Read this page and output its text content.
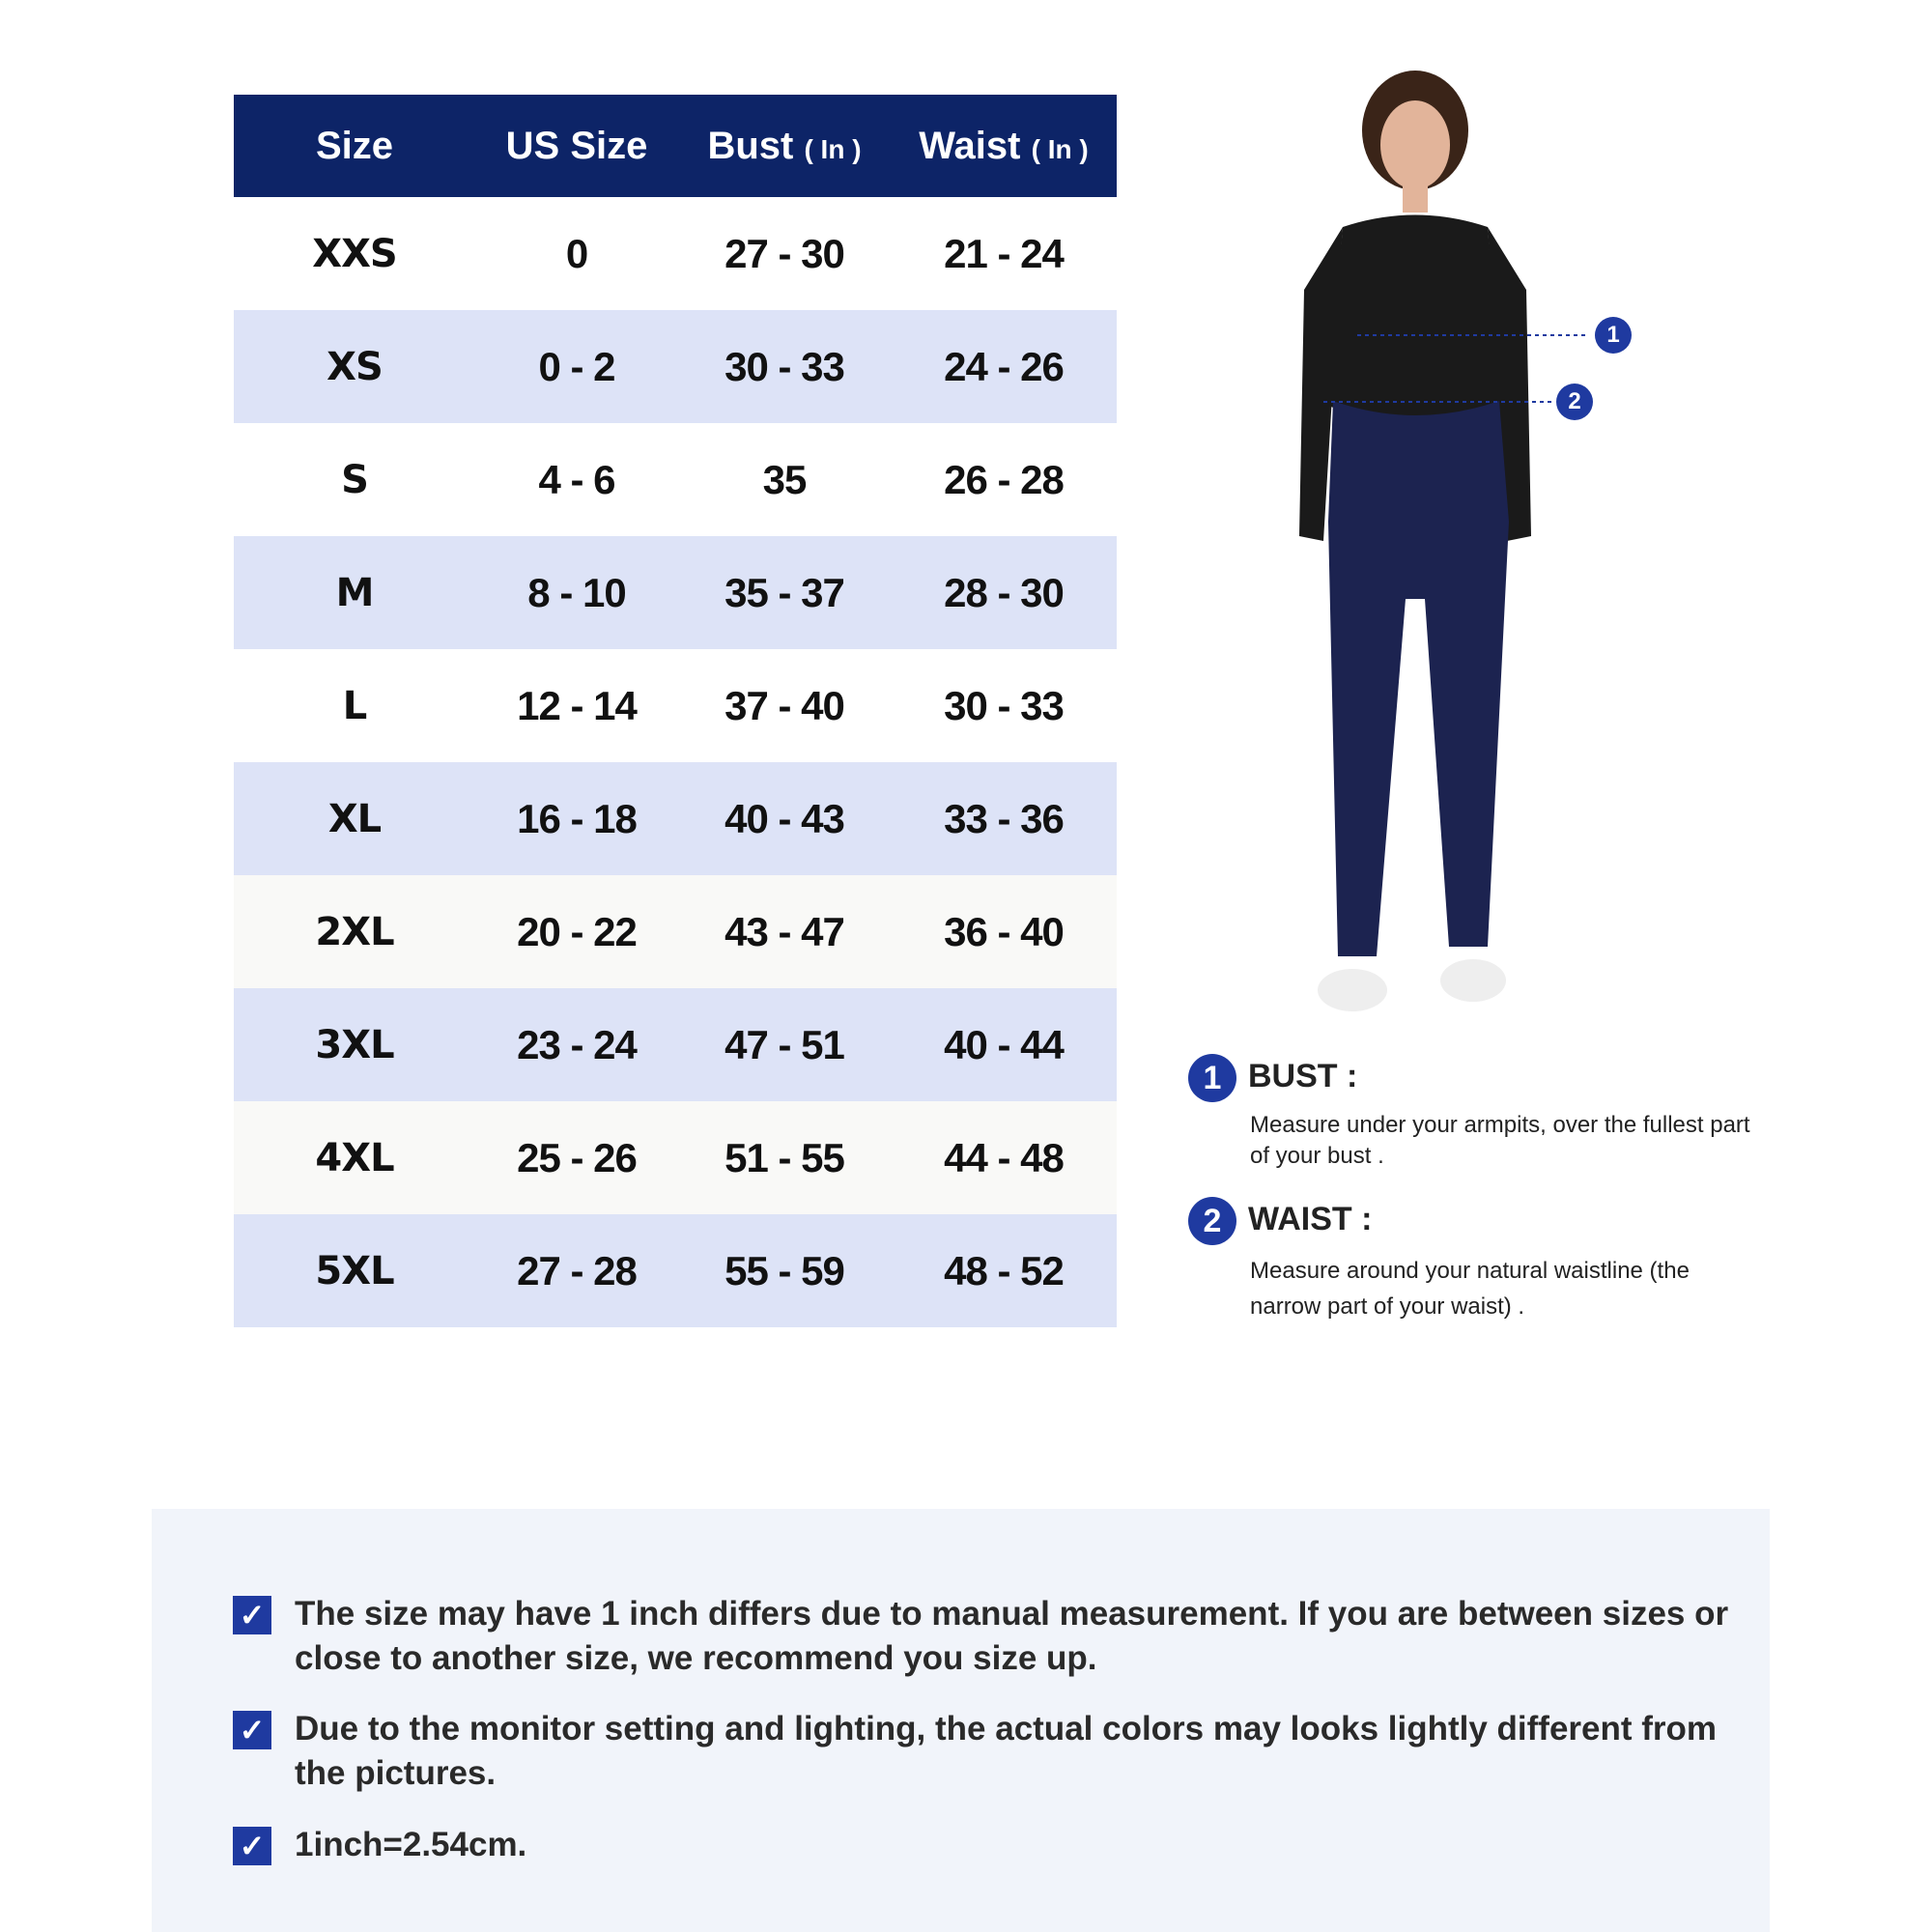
Size	US Size	Bust ( In )	Waist ( In )
XXS	0	27 - 30	21 - 24
XS	0 - 2	30 - 33	24 - 26
S	4 - 6	35	26 - 28
M	8 - 10	35 - 37	28 - 30
L	12 - 14	37 - 40	30 - 33
XL	16 - 18	40 - 43	33 - 36
2XL	20 - 22	43 - 47	36 - 40
3XL	23 - 24	47 - 51	40 - 44
4XL	25 - 26	51 - 55	44 - 48
5XL	27 - 28	55 - 59	48 - 52
1
2
1 BUST :
Measure under your armpits, over the fullest part of your bust .
2 WAIST :
Measure around your natural waistline (the narrow part of your waist) .
✓ The size may have 1 inch differs due to manual measurement. If you are between sizes or close to another size, we recommend you size up.
✓ Due to the monitor setting and lighting, the actual colors may looks lightly different from the pictures.
✓ 1inch=2.54cm.
